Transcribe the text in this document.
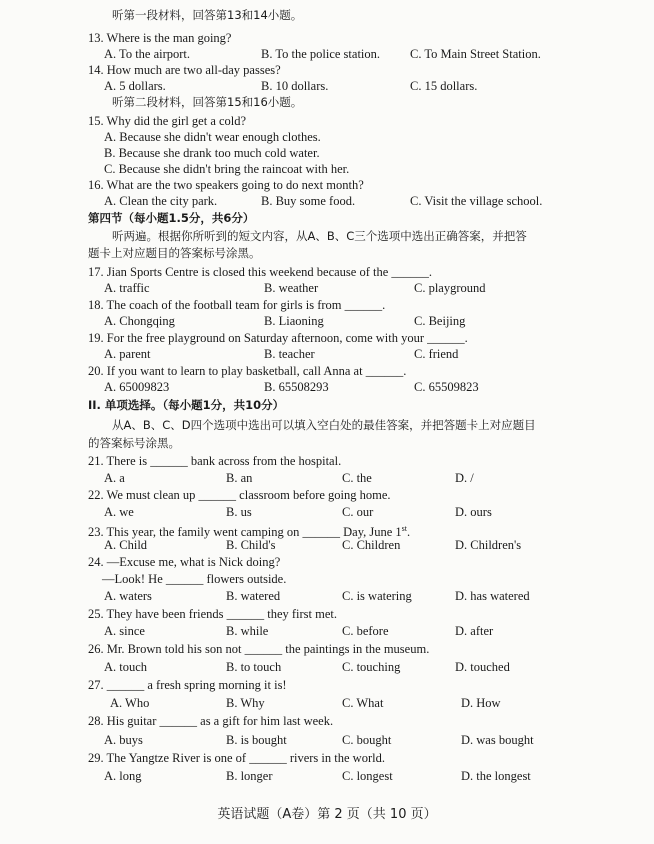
听第一段材料，回答第13和14小题。
13. Where is the man going?
A. To the airport.	B. To the police station. C. To Main Street Station.
14. How much are two all-day passes?
A. 5 dollars.	B. 10 dollars.	C. 15 dollars.
听第二段材料，回答第15和16小题。
15. Why did the girl get a cold?
A. Because she didn't wear enough clothes.
B. Because she drank too much cold water.
C. Because she didn't bring the raincoat with her.
16. What are the two speakers going to do next month?
A. Clean the city park.	B. Buy some food.	C. Visit the village school.
第四节（每小题1.5分，共6分）
听两遍。根据你所听到的短文内容，从A、B、C三个选项中选出正确答案，并把答
题卡上对应题目的答案标号涂黑。
17. Jian Sports Centre is closed this weekend because of the ______.
A. traffic	B. weather	C. playground
18. The coach of the football team for girls is from ______.
A. Chongqing	B. Liaoning	C. Beijing
19. For the free playground on Saturday afternoon, come with your ______.
A. parent	B. teacher	C. friend
20. If you want to learn to play basketball, call Anna at ______.
A. 65009823	B. 65508293	C. 65509823
II. 单项选择。（每小题1分，共10分）
从A、B、C、D四个选项中选出可以填入空白处的最佳答案，并把答题卡上对应题目
的答案标号涂黑。
21. There is ______ bank across from the hospital.
A. a	B. an	C. the	D. /
22. We must clean up ______ classroom before going home.
A. we	B. us	C. our	D. ours
23. This year, the family went camping on ______ Day, June 1st.
A. Child	B. Child's	C. Children	D. Children's
24. —Excuse me, what is Nick doing?
—Look! He ______ flowers outside.
A. waters	B. watered	C. is watering	D. has watered
25. They have been friends ______ they first met.
A. since	B. while	C. before	D. after
26. Mr. Brown told his son not ______ the paintings in the museum.
A. touch	B. to touch	C. touching	D. touched
27. ______ a fresh spring morning it is!
A. Who	B. Why	C. What	D. How
28. His guitar ______ as a gift for him last week.
A. buys	B. is bought	C. bought	D. was bought
29. The Yangtze River is one of ______ rivers in the world.
A. long	B. longer	C. longest	D. the longest
英语试题（A卷）第 2 页（共 10 页）
